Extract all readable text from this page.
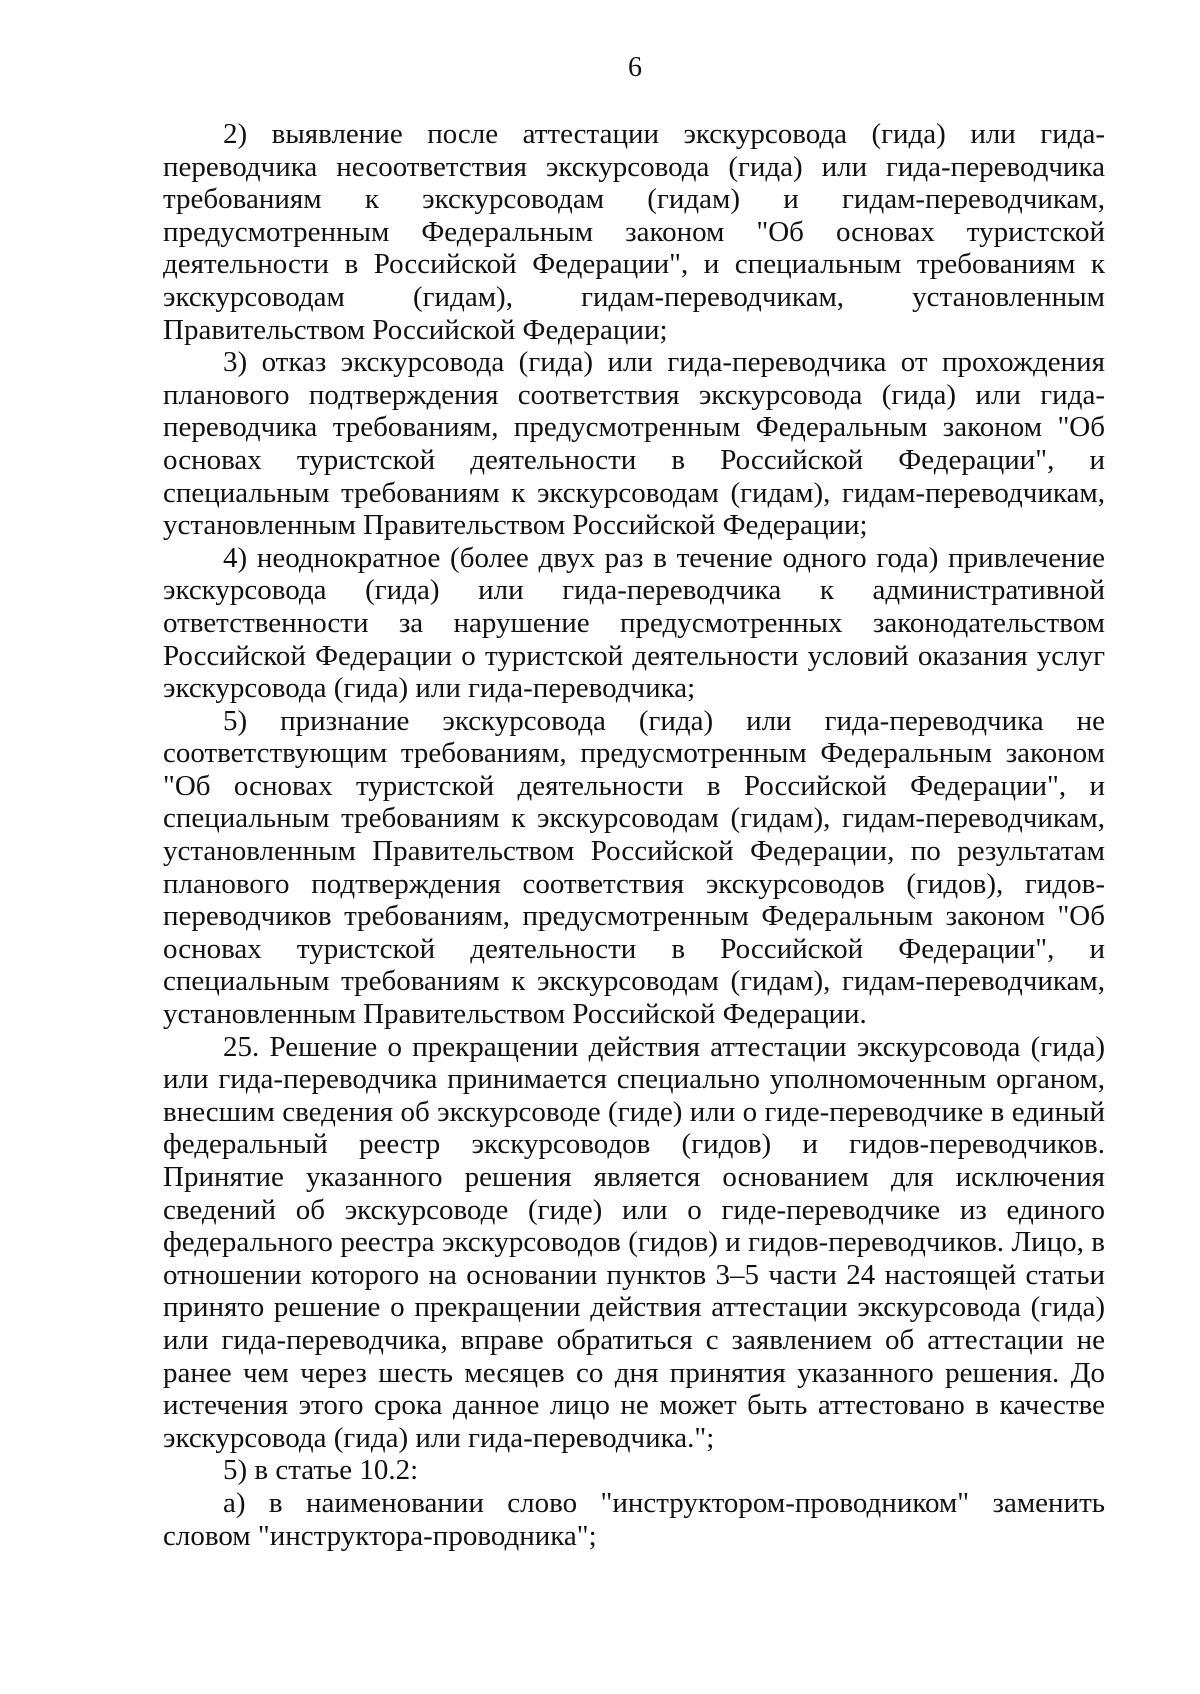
6

2) выявление после аттестации экскурсовода (гида) или гида-переводчика несоответствия экскурсовода (гида) или гида-переводчика требованиям к экскурсоводам (гидам) и гидам-переводчикам, предусмотренным Федеральным законом "Об основах туристской деятельности в Российской Федерации", и специальным требованиям к экскурсоводам (гидам), гидам-переводчикам, установленным Правительством Российской Федерации;

3) отказ экскурсовода (гида) или гида-переводчика от прохождения планового подтверждения соответствия экскурсовода (гида) или гида-переводчика требованиям, предусмотренным Федеральным законом "Об основах туристской деятельности в Российской Федерации", и специальным требованиям к экскурсоводам (гидам), гидам-переводчикам, установленным Правительством Российской Федерации;

4) неоднократное (более двух раз в течение одного года) привлечение экскурсовода (гида) или гида-переводчика к административной ответственности за нарушение предусмотренных законодательством Российской Федерации о туристской деятельности условий оказания услуг экскурсовода (гида) или гида-переводчика;

5) признание экскурсовода (гида) или гида-переводчика не соответствующим требованиям, предусмотренным Федеральным законом "Об основах туристской деятельности в Российской Федерации", и специальным требованиям к экскурсоводам (гидам), гидам-переводчикам, установленным Правительством Российской Федерации, по результатам планового подтверждения соответствия экскурсоводов (гидов), гидов-переводчиков требованиям, предусмотренным Федеральным законом "Об основах туристской деятельности в Российской Федерации", и специальным требованиям к экскурсоводам (гидам), гидам-переводчикам, установленным Правительством Российской Федерации.

25. Решение о прекращении действия аттестации экскурсовода (гида) или гида-переводчика принимается специально уполномоченным органом, внесшим сведения об экскурсоводе (гиде) или о гиде-переводчике в единый федеральный реестр экскурсоводов (гидов) и гидов-переводчиков. Принятие указанного решения является основанием для исключения сведений об экскурсоводе (гиде) или о гиде-переводчике из единого федерального реестра экскурсоводов (гидов) и гидов-переводчиков. Лицо, в отношении которого на основании пунктов 3–5 части 24 настоящей статьи принято решение о прекращении действия аттестации экскурсовода (гида) или гида-переводчика, вправе обратиться с заявлением об аттестации не ранее чем через шесть месяцев со дня принятия указанного решения. До истечения этого срока данное лицо не может быть аттестовано в качестве экскурсовода (гида) или гида-переводчика.";

5) в статье 10.2:

а) в наименовании слово "инструктором-проводником" заменить словом "инструктора-проводника";
